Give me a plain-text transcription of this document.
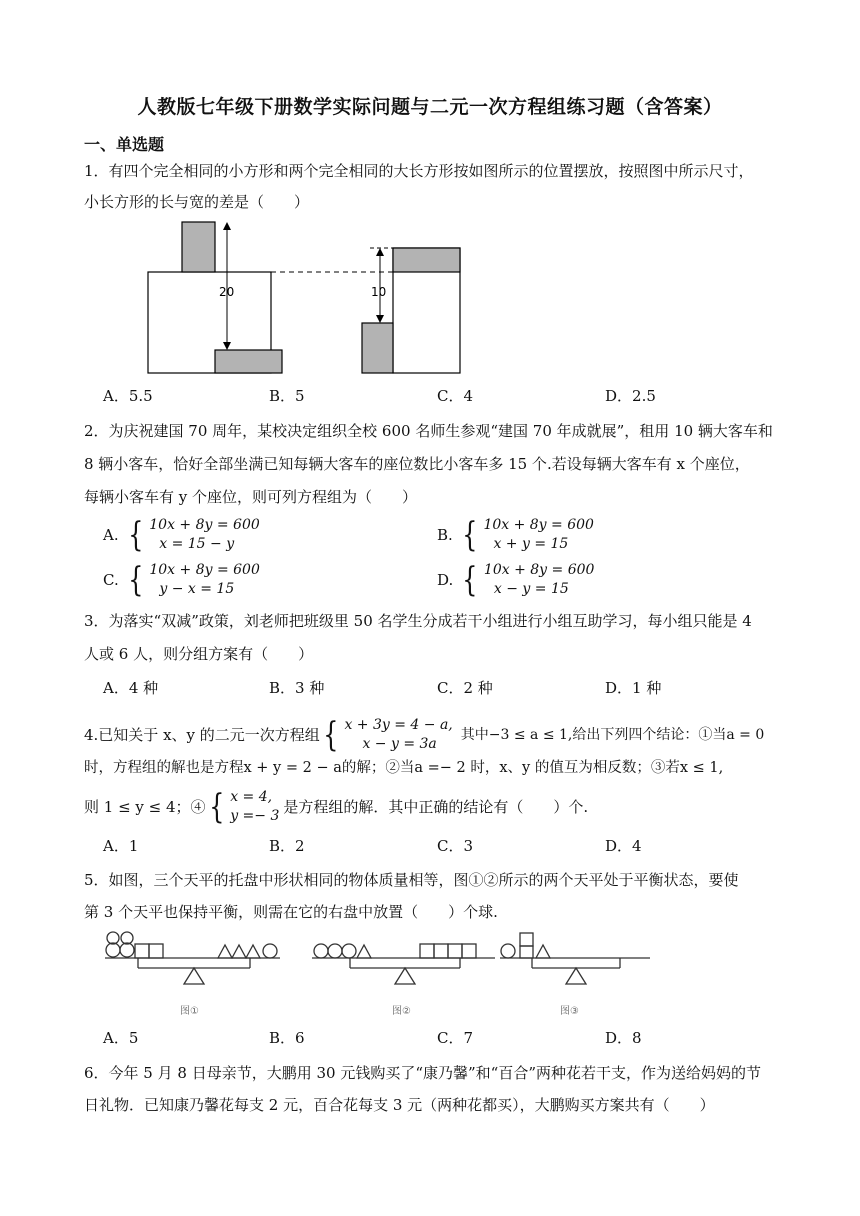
人教版七年级下册数学实际问题与二元一次方程组练习题（含答案）
一、单选题
1．有四个完全相同的小方形和两个完全相同的大长方形按如图所示的位置摆放，按照图中所示尺寸，
小长方形的长与宽的差是（　　）
20	10
A．5.5	B．5	C．4	D．2.5
2．为庆祝建国 70 周年，某校决定组织全校 600 名师生参观“建国 70 年成就展”，租用 10 辆大客车和
8 辆小客车，恰好全部坐满已知每辆大客车的座位数比小客车多 15 个.若设每辆大客车有 x 个座位，
每辆小客车有 y 个座位，则可列方程组为（　　）
A. { 10x + 8y = 600
x = 15 − y	B. { 10x + 8y = 600
x + y = 15
C. { 10x + 8y = 600
y − x = 15	D. { 10x + 8y = 600
x − y = 15
3．为落实“双减”政策，刘老师把班级里 50 名学生分成若干小组进行小组互助学习，每小组只能是 4
人或 6 人，则分组方案有（　　）
A．4 种	B．3 种	C．2 种	D．1 种
4.已知关于 x、y 的二元一次方程组 { x + 3y = 4 − a,
x − y = 3a
其中−3 ≤ a ≤ 1,给出下列四个结论：①当a = 0
时，方程组的解也是方程x + y = 2 − a的解；②当a =− 2 时，x、y 的值互为相反数；③若x ≤ 1,
则 1 ≤ y ≤ 4；④ { x = 4,
y =− 3 是方程组的解．其中正确的结论有（　　）个.
A．1	B．2	C．3	D．4
5．如图，三个天平的托盘中形状相同的物体质量相等，图①②所示的两个天平处于平衡状态，要使
第 3 个天平也保持平衡，则需在它的右盘中放置（　　）个球.
图①	图②	图③
A．5	B．6	C．7	D．8
6．今年 5 月 8 日母亲节，大鹏用 30 元钱购买了“康乃馨”和“百合”两种花若干支，作为送给妈妈的节
日礼物．已知康乃馨花每支 2 元，百合花每支 3 元（两种花都买），大鹏购买方案共有（　　）
